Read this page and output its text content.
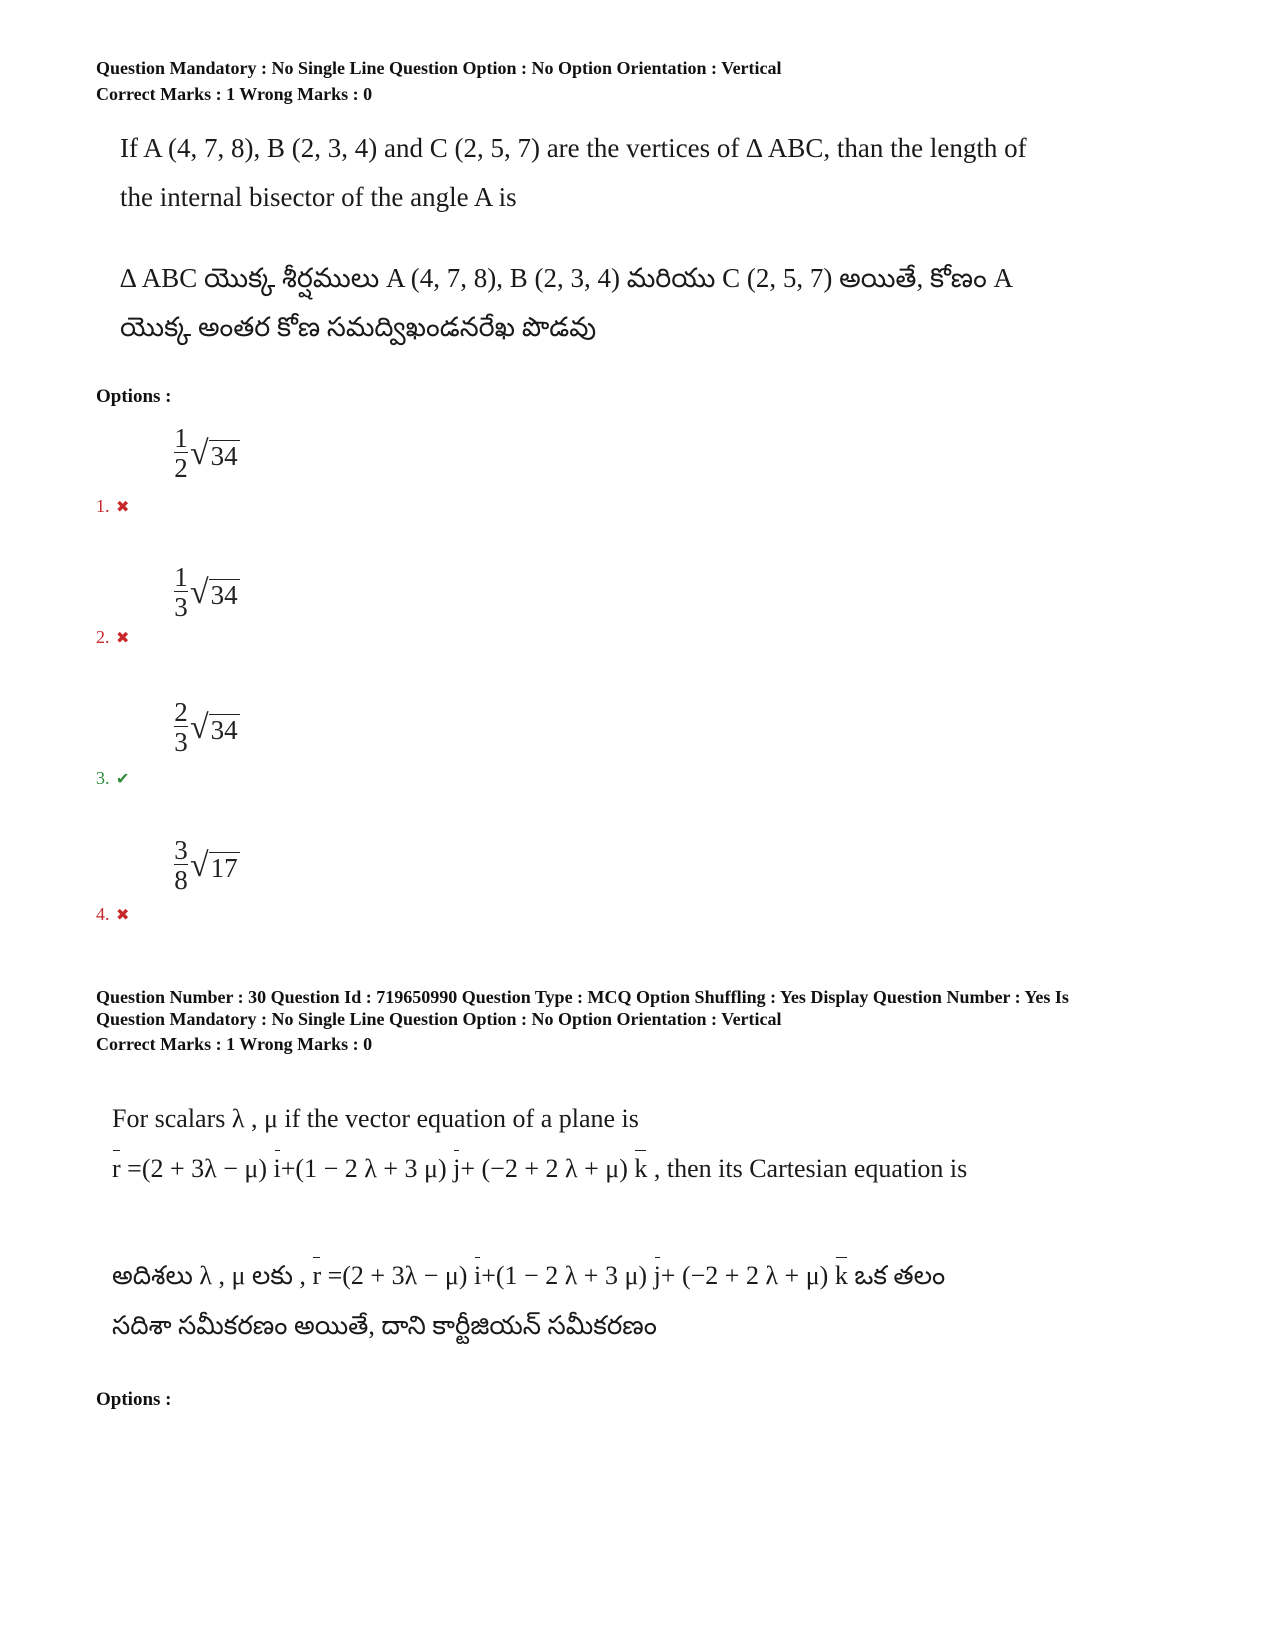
Question Mandatory : No Single Line Question Option : No Option Orientation : Vertical
Correct Marks : 1 Wrong Marks : 0
If A (4, 7, 8), B (2, 3, 4) and C (2, 5, 7) are the vertices of ∆ ABC, than the length of
the internal bisector of the angle A is
∆ ABC యొక్క శీర్షములు A (4, 7, 8), B (2, 3, 4) మరియు C (2, 5, 7) అయితే, కోణం A
యొక్క అంతర కోణ సమద్విఖండనరేఖ పొడవు
Options :
$\frac{1}{2}$ √ 34
1. ✖
$\frac{1}{3}$ √ 34
2. ✖
$\frac{2}{3}$ √ 34
3. ✔
$\frac{3}{8}$ √ 17
4. ✖
Question Number : 30 Question Id : 719650990 Question Type : MCQ Option Shuffling : Yes Display Question Number : Yes Is
Question Mandatory : No Single Line Question Option : No Option Orientation : Vertical
Correct Marks : 1 Wrong Marks : 0
For scalars λ , μ if the vector equation of a plane is
r =(2 + 3λ − μ) i+(1 − 2 λ + 3 μ) j+ (−2 + 2 λ + μ) k , then its Cartesian equation is
అదిశలు λ , μ లకు , r =(2 + 3λ − μ) i+(1 − 2 λ + 3 μ) j+ (−2 + 2 λ + μ) k ఒక తలం
సదిశా సమీకరణం అయితే, దాని కార్టీజియన్ సమీకరణం
Options :
